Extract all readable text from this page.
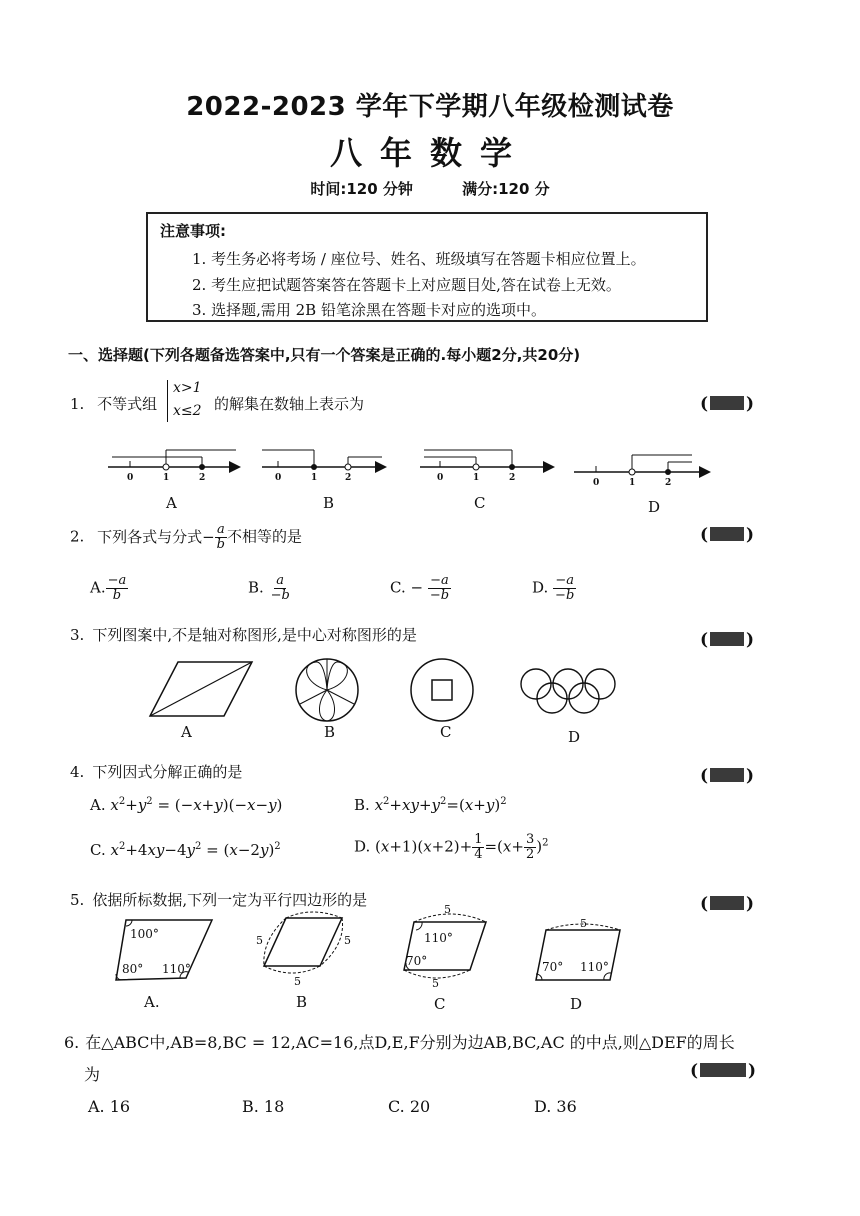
2022-2023 学年下学期八年级检测试卷
八年数学
时间:120 分钟	满分:120 分
注意事项:
1. 考生务必将考场 / 座位号、姓名、班级填写在答题卡相应位置上。
2. 考生应把试题答案答在答题卡上对应题目处,答在试卷上无效。
3. 选择题,需用 2B 铅笔涂黑在答题卡对应的选项中。
一、选择题(下列各题备选答案中,只有一个答案是正确的.每小题2分,共20分)
( )
( )
( )
( )
( )
(	)
1. 不等式组
x>1
x≤2 的解集在数轴上表示为
0	1	2	0	1	2	0	1	2	0	1	2
A	B	C	D
2. 下列各式与分式− $\frac{a}{b}$ 不相等的是
A. $\frac{-a}{b}$	B. $\frac{a}{-b}$	C. − $\frac{-a}{-b}$	D. $\frac{-a}{-b}$
3. 下列图案中,不是轴对称图形,是中心对称图形的是
A	B	C	D
4. 下列因式分解正确的是
A. $x^2+y^2 = (-x+y)(-x-y)$	B. $x^2+xy+y^2=(x+y)^2$
C. $x^2+4xy-4y^2 = (x-2y)^2$	D. $(x+1)(x+2)+ \frac{1}{4} =(x+ \frac{3}{2} )^2$
5. 依据所标数据,下列一定为平行四边形的是
100°
80° 110°
5	5
5
5
5
110°
70°
5
70° 110°
A.	B	C	D
6. 在△ABC中,AB=8,BC = 12,AC=16,点D,E,F分别为边AB,BC,AC 的中点,则△DEF的周长
为
A. 16	B. 18	C. 20	D. 36
